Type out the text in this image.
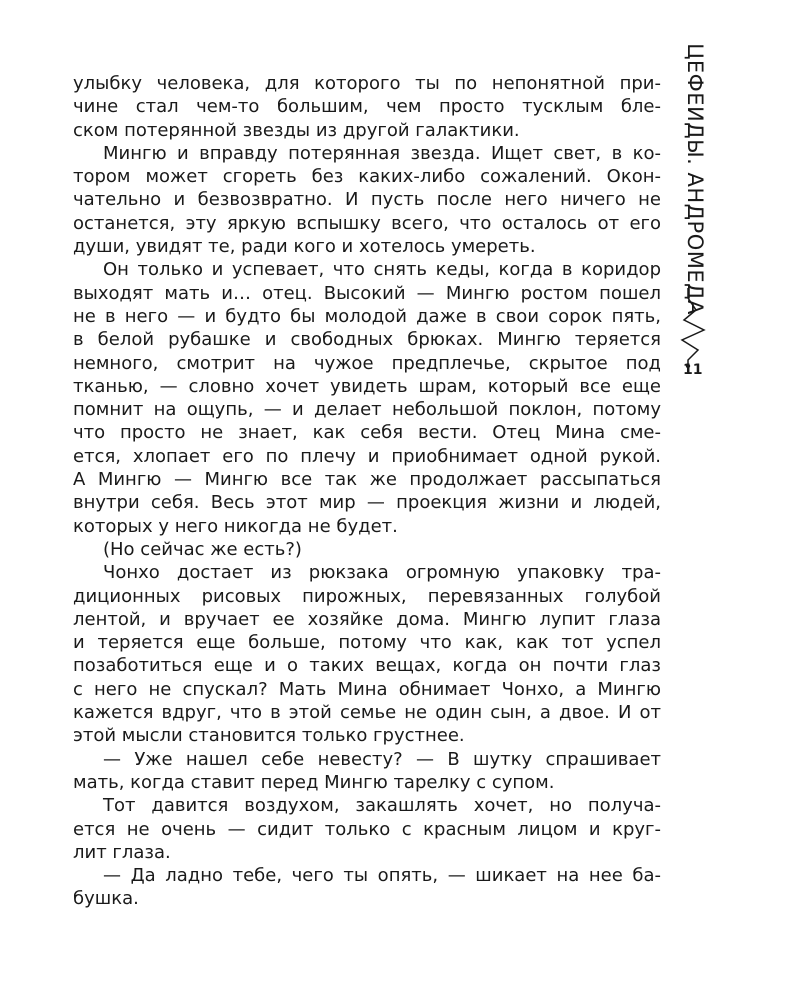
улыбку человека, для которого ты по непонятной при-
чине стал чем-то большим, чем просто тусклым бле-
ском потерянной звезды из другой галактики.
Мингю и вправду потерянная звезда. Ищет свет, в ко-
тором может сгореть без каких-либо сожалений. Окон-
чательно и безвозвратно. И пусть после него ничего не
останется, эту яркую вспышку всего, что осталось от его
души, увидят те, ради кого и хотелось умереть.
Он только и успевает, что снять кеды, когда в коридор
выходят мать и… отец. Высокий — Мингю ростом пошел
не в него — и будто бы молодой даже в свои сорок пять,
в белой рубашке и свободных брюках. Мингю теряется
немного, смотрит на чужое предплечье, скрытое под
тканью, — словно хочет увидеть шрам, который все еще
помнит на ощупь, — и делает небольшой поклон, потому
что просто не знает, как себя вести. Отец Мина сме-
ется, хлопает его по плечу и приобнимает одной рукой.
А Мингю — Мингю все так же продолжает рассыпаться
внутри себя. Весь этот мир — проекция жизни и людей,
которых у него никогда не будет.
(Но сейчас же есть?)
Чонхо достает из рюкзака огромную упаковку тра-
диционных рисовых пирожных, перевязанных голубой
лентой, и вручает ее хозяйке дома. Мингю лупит глаза
и теряется еще больше, потому что как, как тот успел
позаботиться еще и о таких вещах, когда он почти глаз
с него не спускал? Мать Мина обнимает Чонхо, а Мингю
кажется вдруг, что в этой семье не один сын, а двое. И от
этой мысли становится только грустнее.
— Уже нашел себе невесту? — В шутку спрашивает
мать, когда ставит перед Мингю тарелку с супом.
Тот давится воздухом, закашлять хочет, но получа-
ется не очень — сидит только с красным лицом и круг-
лит глаза.
— Да ладно тебе, чего ты опять, — шикает на нее ба-
бушка.
ЦЕФЕИДЫ. АНДРОМЕДА
11
